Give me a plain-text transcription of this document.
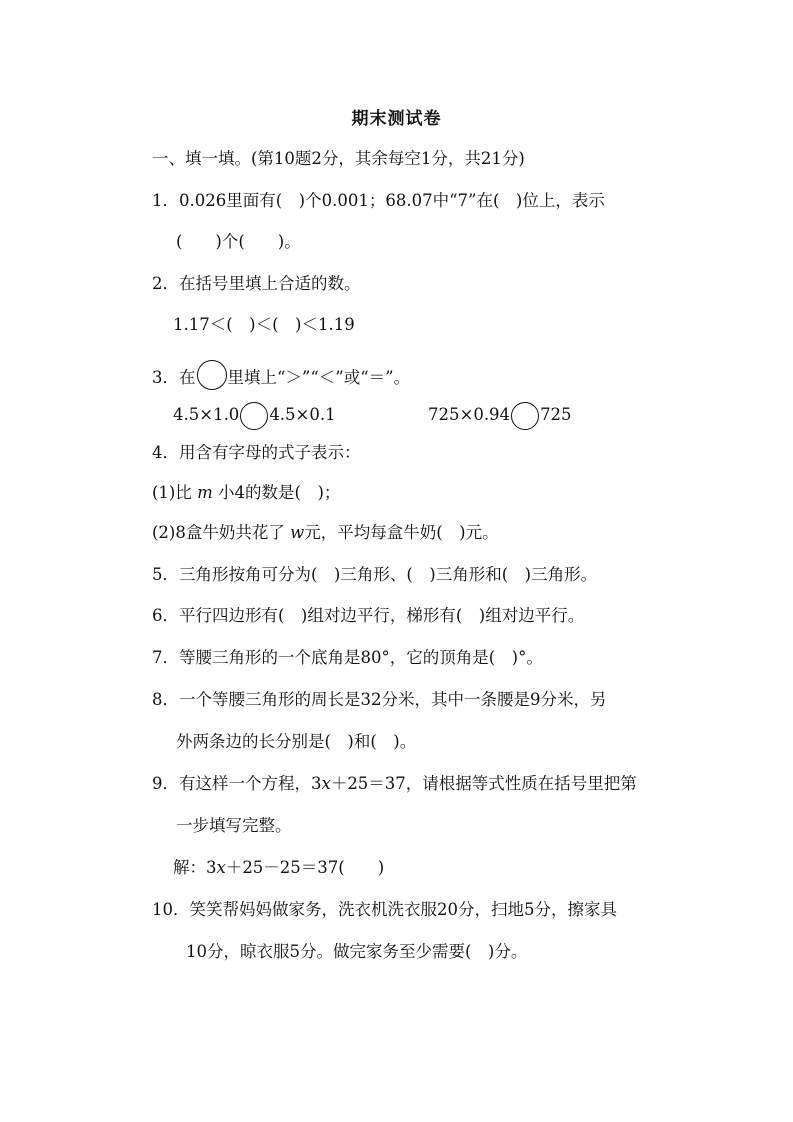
期末测试卷
一、填一填。(第10题2分，其余每空1分，共21分)
1．0.026里面有(　)个0.001；68.07中“7”在(　)位上，表示
(　　)个(　　)。
2．在括号里填上合适的数。
1.17＜(　)＜(　)＜1.19
3．在 里填上“＞”“＜”或“＝”。
4.5×1.0 4.5×0.1	725×0.94 725
4．用含有字母的式子表示：
(1)比 m 小4的数是(　)；
(2)8盒牛奶共花了 w元，平均每盒牛奶(　)元。
5．三角形按角可分为(　)三角形、(　)三角形和(　)三角形。
6．平行四边形有(　)组对边平行，梯形有(　)组对边平行。
7．等腰三角形的一个底角是80°，它的顶角是(　)°。
8．一个等腰三角形的周长是32分米，其中一条腰是9分米，另
外两条边的长分别是(　)和(　)。
9．有这样一个方程，3x＋25＝37，请根据等式性质在括号里把第
一步填写完整。
解：3x＋25－25＝37(　　)
10．笑笑帮妈妈做家务，洗衣机洗衣服20分，扫地5分，擦家具
10分，晾衣服5分。做完家务至少需要(　)分。
